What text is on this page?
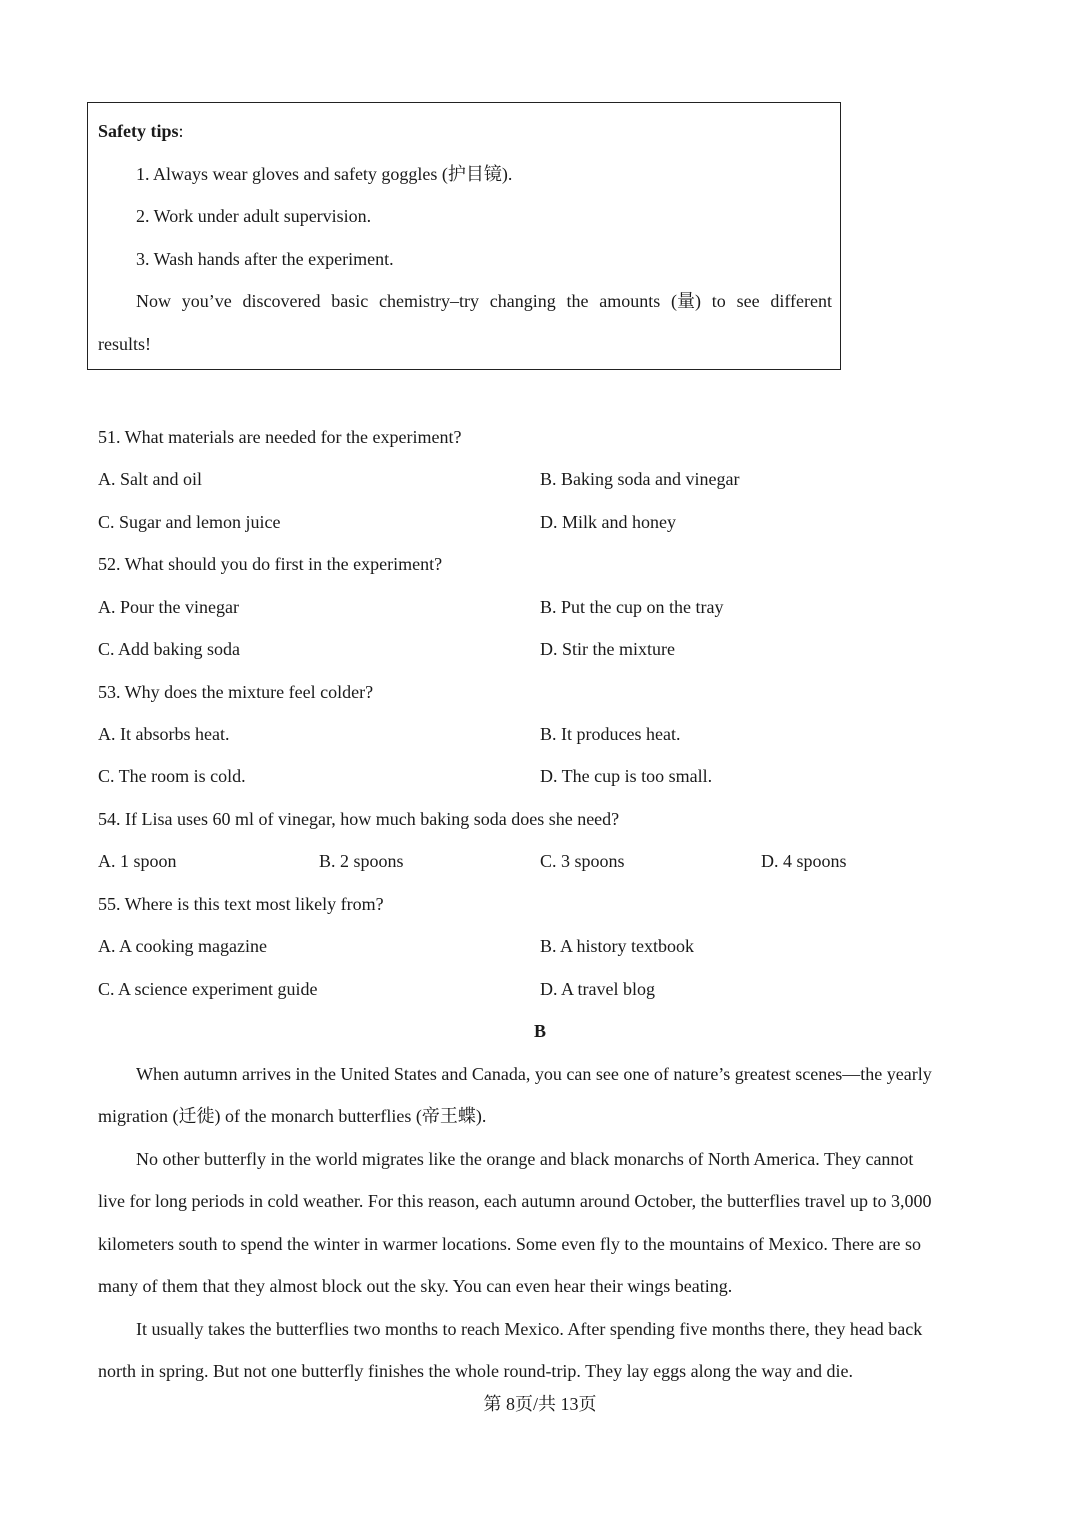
Safety tips:
1. Always wear gloves and safety goggles (护目镜).
2. Work under adult supervision.
3. Wash hands after the experiment.
Now you’ve discovered basic chemistry–try changing the amounts (量) to see different
results!
51. What materials are needed for the experiment?
A. Salt and oil	B. Baking soda and vinegar
C. Sugar and lemon juice	D. Milk and honey
52. What should you do first in the experiment?
A. Pour the vinegar	B. Put the cup on the tray
C. Add baking soda	D. Stir the mixture
53. Why does the mixture feel colder?
A. It absorbs heat.	B. It produces heat.
C. The room is cold.	D. The cup is too small.
54. If Lisa uses 60 ml of vinegar, how much baking soda does she need?
A. 1 spoon	B. 2 spoons	C. 3 spoons	D. 4 spoons
55. Where is this text most likely from?
A. A cooking magazine	B. A history textbook
C. A science experiment guide	D. A travel blog
B
When autumn arrives in the United States and Canada, you can see one of nature’s greatest scenes—the yearly
migration (迁徙) of the monarch butterflies (帝王蝶).
No other butterfly in the world migrates like the orange and black monarchs of North America. They cannot
live for long periods in cold weather. For this reason, each autumn around October, the butterflies travel up to 3,000
kilometers south to spend the winter in warmer locations. Some even fly to the mountains of Mexico. There are so
many of them that they almost block out the sky. You can even hear their wings beating.
It usually takes the butterflies two months to reach Mexico. After spending five months there, they head back
north in spring. But not one butterfly finishes the whole round-trip. They lay eggs along the way and die.
第 8页/共 13页
